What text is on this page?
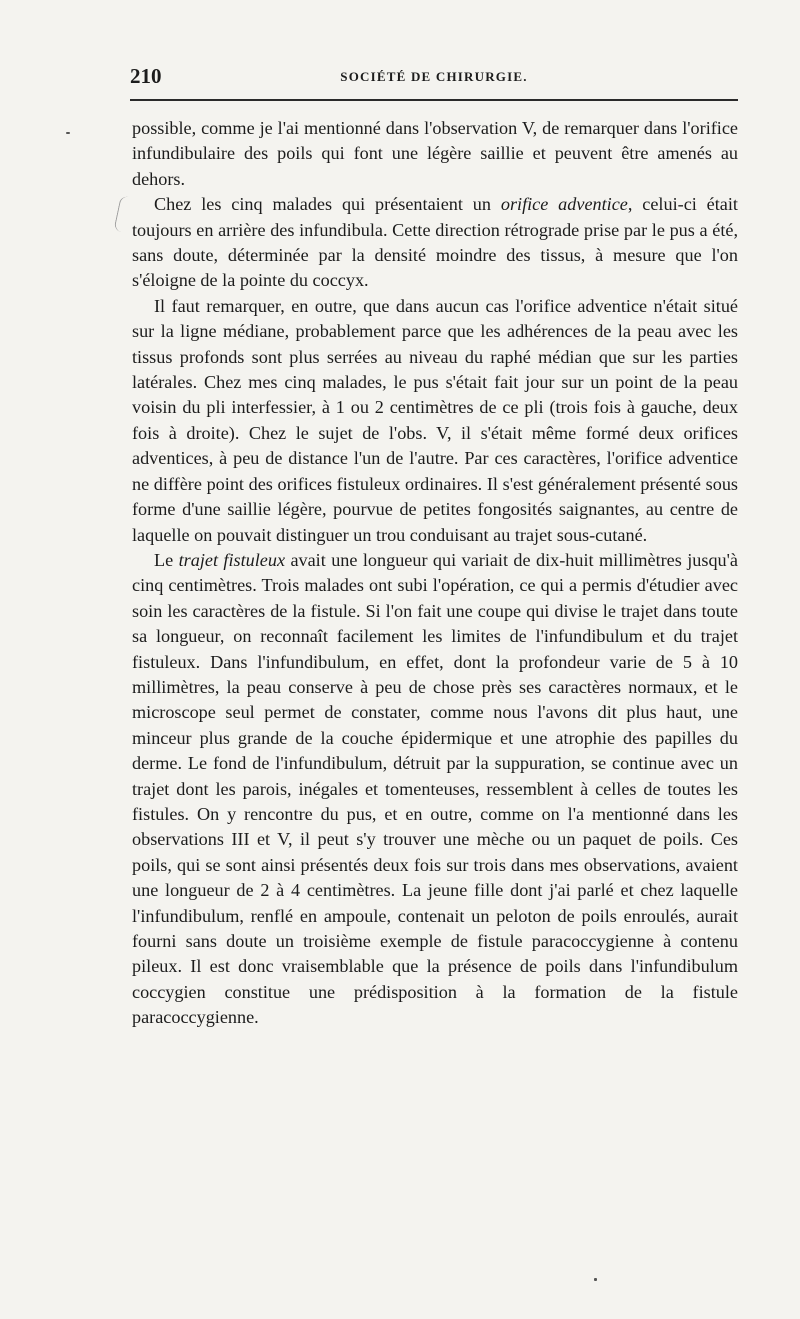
210	SOCIÉTÉ DE CHIRURGIE.

possible, comme je l'ai mentionné dans l'observation V, de remarquer dans l'orifice infundibulaire des poils qui font une légère saillie et peuvent être amenés au dehors.

Chez les cinq malades qui présentaient un orifice adventice, celui-ci était toujours en arrière des infundibula. Cette direction rétrograde prise par le pus a été, sans doute, déterminée par la densité moindre des tissus, à mesure que l'on s'éloigne de la pointe du coccyx.

Il faut remarquer, en outre, que dans aucun cas l'orifice adventice n'était situé sur la ligne médiane, probablement parce que les adhérences de la peau avec les tissus profonds sont plus serrées au niveau du raphé médian que sur les parties latérales. Chez mes cinq malades, le pus s'était fait jour sur un point de la peau voisin du pli interfessier, à 1 ou 2 centimètres de ce pli (trois fois à gauche, deux fois à droite). Chez le sujet de l'obs. V, il s'était même formé deux orifices adventices, à peu de distance l'un de l'autre. Par ces caractères, l'orifice adventice ne diffère point des orifices fistuleux ordinaires. Il s'est généralement présenté sous forme d'une saillie légère, pourvue de petites fongosités saignantes, au centre de laquelle on pouvait distinguer un trou conduisant au trajet sous-cutané.

Le trajet fistuleux avait une longueur qui variait de dix-huit millimètres jusqu'à cinq centimètres. Trois malades ont subi l'opération, ce qui a permis d'étudier avec soin les caractères de la fistule. Si l'on fait une coupe qui divise le trajet dans toute sa longueur, on reconnaît facilement les limites de l'infundibulum et du trajet fistuleux. Dans l'infundibulum, en effet, dont la profondeur varie de 5 à 10 millimètres, la peau conserve à peu de chose près ses caractères normaux, et le microscope seul permet de constater, comme nous l'avons dit plus haut, une minceur plus grande de la couche épidermique et une atrophie des papilles du derme. Le fond de l'infundibulum, détruit par la suppuration, se continue avec un trajet dont les parois, inégales et tomenteuses, ressemblent à celles de toutes les fistules. On y rencontre du pus, et en outre, comme on l'a mentionné dans les observations III et V, il peut s'y trouver une mèche ou un paquet de poils. Ces poils, qui se sont ainsi présentés deux fois sur trois dans mes observations, avaient une longueur de 2 à 4 centimètres. La jeune fille dont j'ai parlé et chez laquelle l'infundibulum, renflé en ampoule, contenait un peloton de poils enroulés, aurait fourni sans doute un troisième exemple de fistule paracoccygienne à contenu pileux. Il est donc vraisemblable que la présence de poils dans l'infundibulum coccygien constitue une prédisposition à la formation de la fistule paracoccygienne.
